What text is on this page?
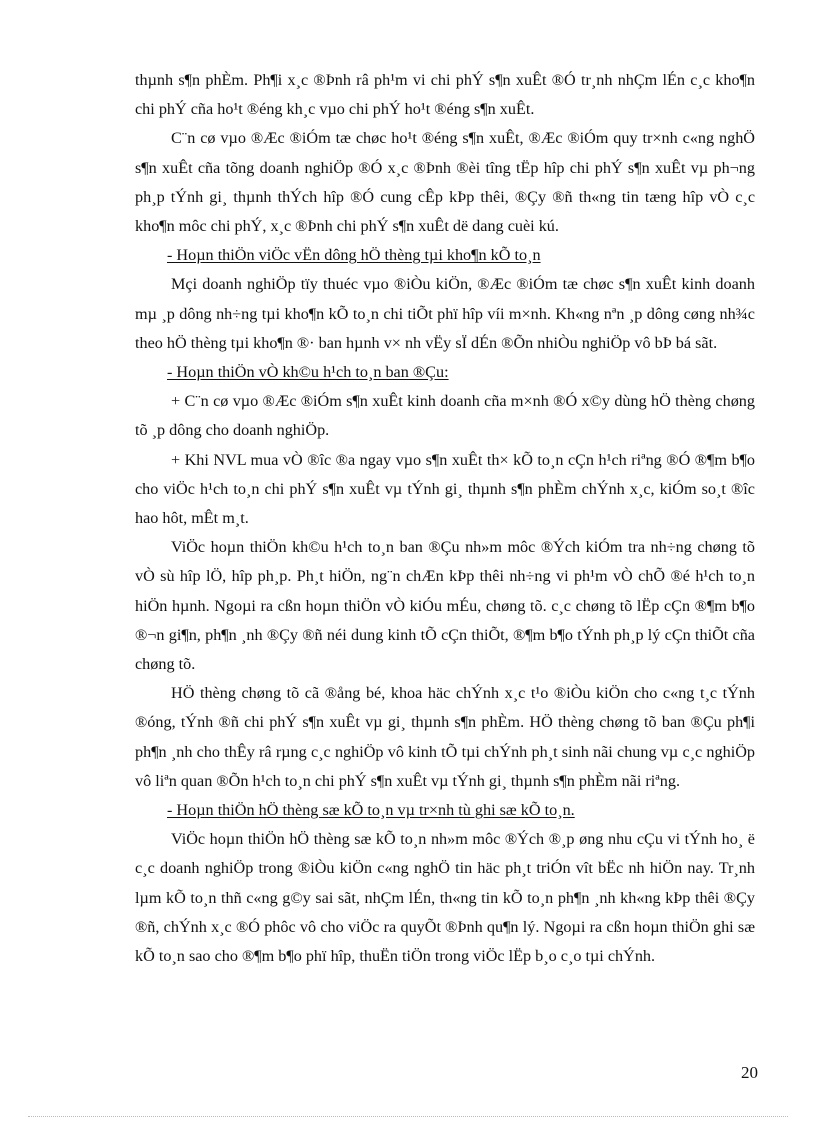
thµnh s¶n phÈm. Ph¶i x¸c ®Þnh râ ph¹m vi chi phÝ s¶n xuÊt ®Ó tr¸nh nhÇm lÉn c¸c kho¶n chi phÝ cña ho¹t ®éng kh¸c vµo chi phÝ ho¹t ®éng s¶n xuÊt.

C¨n cø vµo ®Æc ®iÓm tæ chøc ho¹t ®éng s¶n xuÊt, ®Æc ®iÓm quy tr×nh c«ng nghÖ s¶n xuÊt cña tõng doanh nghiÖp ®Ó x¸c ®Þnh ®èi tîng tËp hîp chi phÝ s¶n xuÊt vµ ph¬ng ph¸p tÝnh gi¸ thµnh thÝch hîp ®Ó cung cÊp kÞp thêi, ®Çy ®ñ th«ng tin tæng hîp vÒ c¸c kho¶n môc chi phÝ, x¸c ®Þnh chi phÝ s¶n xuÊt dë dang cuèi kú.

- Hoµn thiÖn viÖc vËn dông hÖ thèng tµi kho¶n kÕ to¸n

Mçi doanh nghiÖp tïy thuéc vµo ®iÒu kiÖn, ®Æc ®iÓm tæ chøc s¶n xuÊt kinh doanh mµ ¸p dông nh÷ng tµi kho¶n kÕ to¸n chi tiÕt phï hîp víi m×nh. Kh«ng nªn ¸p dông cøng nh¾c theo hÖ thèng tµi kho¶n ®· ban hµnh v× nh vËy sÏ dÉn ®Õn nhiÒu nghiÖp vô bÞ bá sãt.

- Hoµn thiÖn vÒ kh©u h¹ch to¸n ban ®Çu:

+ C¨n cø vµo ®Æc ®iÓm s¶n xuÊt kinh doanh cña m×nh ®Ó x©y dùng hÖ thèng chøng tõ ¸p dông cho doanh nghiÖp.

+ Khi NVL mua vÒ ®îc ®a ngay vµo s¶n xuÊt th× kÕ to¸n cÇn h¹ch riªng ®Ó ®¶m b¶o cho viÖc h¹ch to¸n chi phÝ s¶n xuÊt vµ tÝnh gi¸ thµnh s¶n phÈm chÝnh x¸c, kiÓm so¸t ®îc hao hôt, mÊt m¸t.

ViÖc hoµn thiÖn kh©u h¹ch to¸n ban ®Çu nh»m môc ®Ých kiÓm tra nh÷ng chøng tõ vÒ sù hîp lÖ, hîp ph¸p. Ph¸t hiÖn, ng¨n chÆn kÞp thêi nh÷ng vi ph¹m vÒ chÕ ®é h¹ch to¸n hiÖn hµnh. Ngoµi ra cßn hoµn thiÖn vÒ kiÓu mÉu, chøng tõ. c¸c chøng tõ lËp cÇn ®¶m b¶o ®¬n gi¶n, ph¶n ¸nh ®Çy ®ñ néi dung kinh tÕ cÇn thiÕt, ®¶m b¶o tÝnh ph¸p lý cÇn thiÕt cña chøng tõ.

HÖ thèng chøng tõ cã ®ång bé, khoa häc chÝnh x¸c t¹o ®iÒu kiÖn cho c«ng t¸c tÝnh ®óng, tÝnh ®ñ chi phÝ s¶n xuÊt vµ gi¸ thµnh s¶n phÈm. HÖ thèng chøng tõ ban ®Çu ph¶i ph¶n ¸nh cho thÊy râ rµng c¸c nghiÖp vô kinh tÕ tµi chÝnh ph¸t sinh nãi chung vµ c¸c nghiÖp vô liªn quan ®Õn h¹ch to¸n chi phÝ s¶n xuÊt vµ tÝnh gi¸ thµnh s¶n phÈm nãi riªng.

- Hoµn thiÖn hÖ thèng sæ kÕ to¸n vµ tr×nh tù ghi sæ kÕ to¸n.

ViÖc hoµn thiÖn hÖ thèng sæ kÕ to¸n nh»m môc ®Ých ®¸p øng nhu cÇu vi tÝnh ho¸ ë c¸c doanh nghiÖp trong ®iÒu kiÖn c«ng nghÖ tin häc ph¸t triÓn vît bËc nh hiÖn nay. Tr¸nh lµm kÕ to¸n thñ c«ng g©y sai sãt, nhÇm lÉn, th«ng tin kÕ to¸n ph¶n ¸nh kh«ng kÞp thêi ®Çy ®ñ, chÝnh x¸c ®Ó phôc vô cho viÖc ra quyÕt ®Þnh qu¶n lý. Ngoµi ra cßn hoµn thiÖn ghi sæ kÕ to¸n sao cho ®¶m b¶o phï hîp, thuËn tiÖn trong viÖc lËp b¸o c¸o tµi chÝnh.

20
